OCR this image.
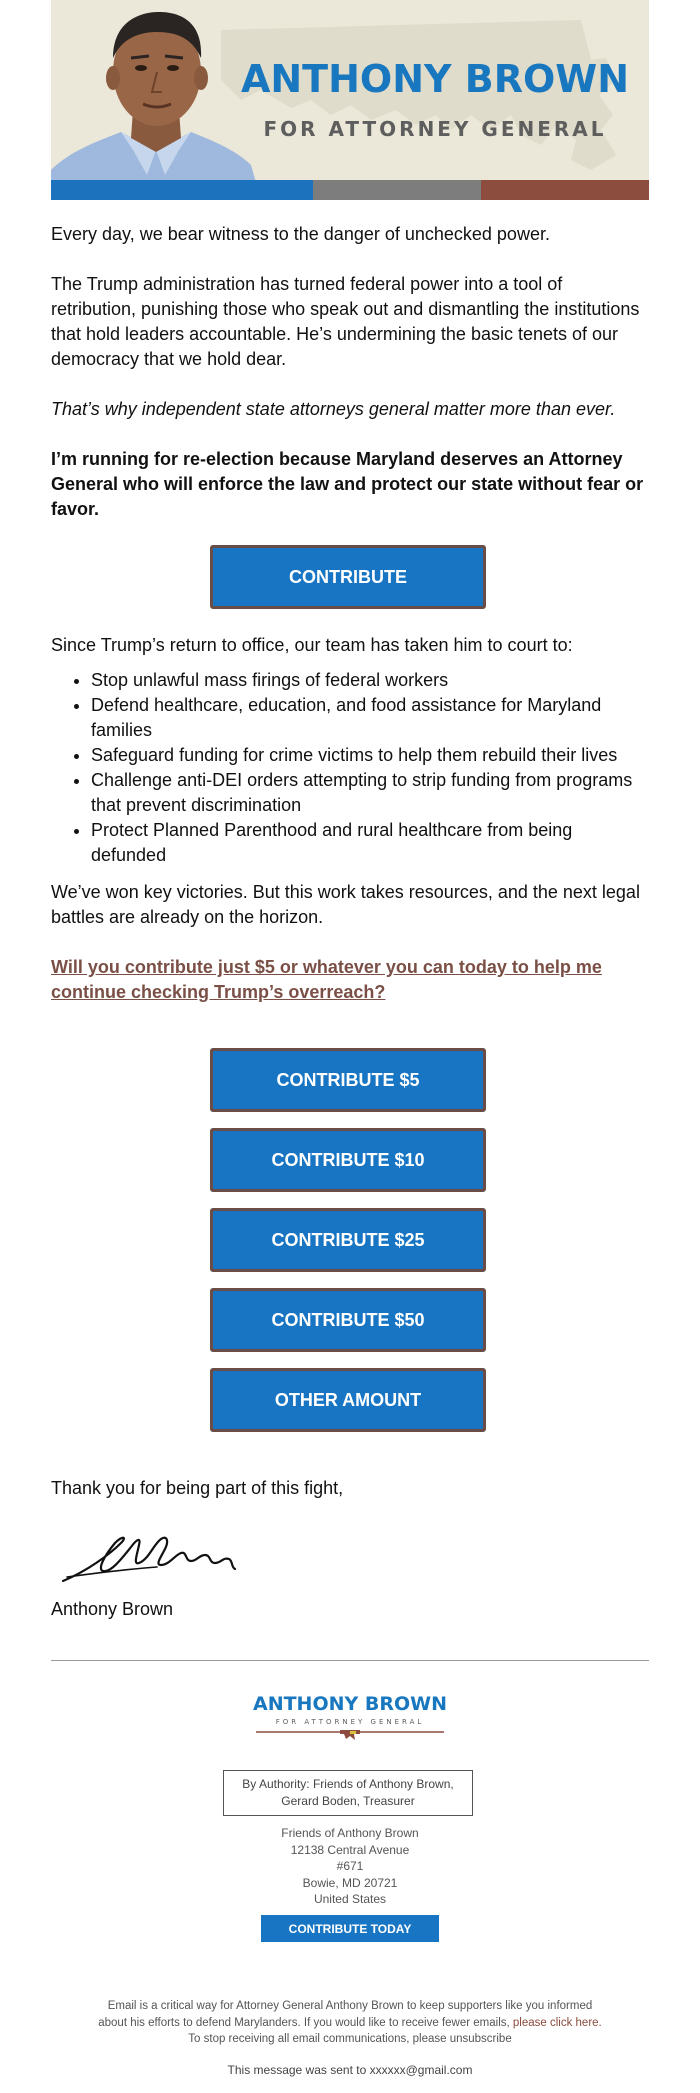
ANTHONY BROWN
FOR ATTORNEY GENERAL
Every day, we bear witness to the danger of unchecked power.
The Trump administration has turned federal power into a tool of retribution, punishing those who speak out and dismantling the institutions that hold leaders accountable. He’s undermining the basic tenets of our democracy that we hold dear.
That’s why independent state attorneys general matter more than ever.
I’m running for re-election because Maryland deserves an Attorney General who will enforce the law and protect our state without fear or favor.
CONTRIBUTE
Since Trump’s return to office, our team has taken him to court to:
• Stop unlawful mass firings of federal workers
• Defend healthcare, education, and food assistance for Maryland families
• Safeguard funding for crime victims to help them rebuild their lives
• Challenge anti-DEI orders attempting to strip funding from programs that prevent discrimination
• Protect Planned Parenthood and rural healthcare from being defunded
We’ve won key victories. But this work takes resources, and the next legal battles are already on the horizon.
Will you contribute just $5 or whatever you can today to help me continue checking Trump’s overreach?
CONTRIBUTE $5
CONTRIBUTE $10
CONTRIBUTE $25
CONTRIBUTE $50
OTHER AMOUNT
Thank you for being part of this fight,
Anthony Brown
ANTHONY BROWN
FOR ATTORNEY GENERAL
By Authority: Friends of Anthony Brown,
Gerard Boden, Treasurer
Friends of Anthony Brown
12138 Central Avenue
#671
Bowie, MD 20721
United States
CONTRIBUTE TODAY
Email is a critical way for Attorney General Anthony Brown to keep supporters like you informed
about his efforts to defend Marylanders. If you would like to receive fewer emails, please click here.
To stop receiving all email communications, please unsubscribe
This message was sent to xxxxxx@gmail.com
